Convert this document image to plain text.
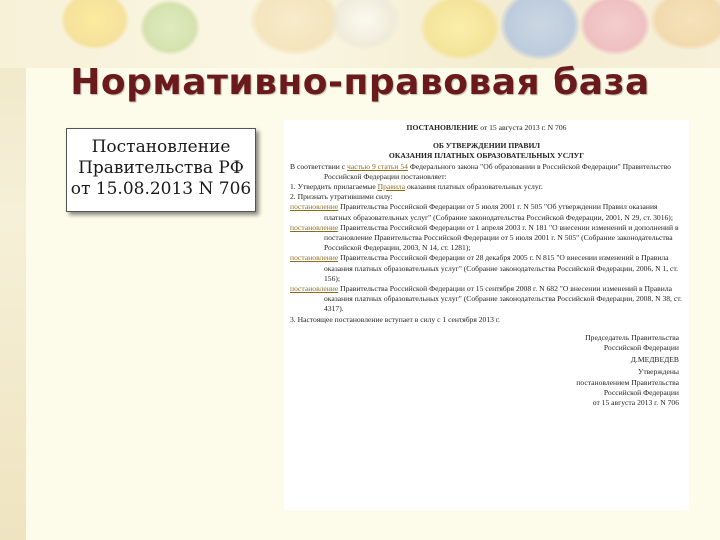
Нормативно-правовая база
Постановление
Правительства РФ
от 15.08.2013 N 706

ПОСТАНОВЛЕНИЕ от 15 августа 2013 г. N 706

ОБ УТВЕРЖДЕНИИ ПРАВИЛ

ОКАЗАНИЯ ПЛАТНЫХ ОБРАЗОВАТЕЛЬНЫХ УСЛУГ

В соответствии с частью 9 статьи 54 Федерального закона "Об образовании в Российской Федерации" Правительство Российской Федерации постановляет:

1. Утвердить прилагаемые Правила оказания платных образовательных услуг.

2. Признать утратившими силу:

постановление Правительства Российской Федерации от 5 июля 2001 г. N 505 "Об утверждении Правил оказания платных образовательных услуг" (Собрание законодательства Российской Федерации, 2001, N 29, ст. 3016);

постановление Правительства Российской Федерации от 1 апреля 2003 г. N 181 "О внесении изменений и дополнений в постановление Правительства Российской Федерации от 5 июля 2001 г. N 505" (Собрание законодательства Российской Федерации, 2003, N 14, ст. 1281);

постановление Правительства Российской Федерации от 28 декабря 2005 г. N 815 "О внесении изменений в Правила оказания платных образовательных услуг" (Собрание законодательства Российской Федерации, 2006, N 1, ст. 156);

постановление Правительства Российской Федерации от 15 сентября 2008 г. N 682 "О внесении изменений в Правила оказания платных образовательных услуг" (Собрание законодательства Российской Федерации, 2008, N 38, ст. 4317).

3. Настоящее постановление вступает в силу с 1 сентября 2013 г.

Председатель Правительства

Российской Федерации

Д.МЕДВЕДЕВ

Утверждены

постановлением Правительства

Российской Федерации

от 15 августа 2013 г. N 706
